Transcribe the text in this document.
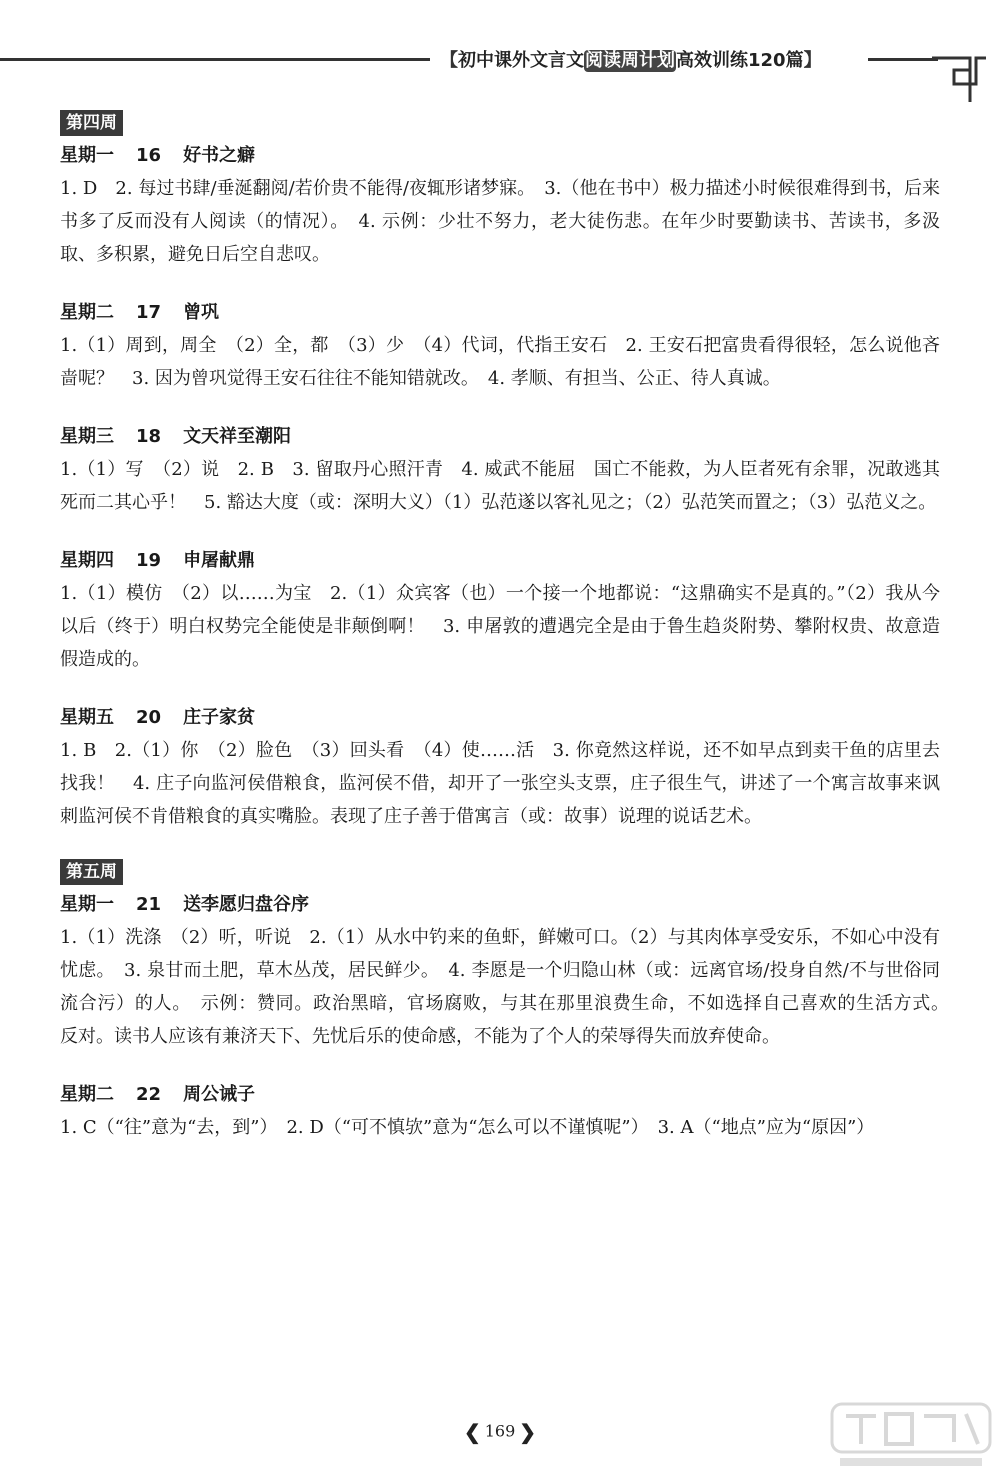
【初中课外文言文阅读周计划高效训练120篇】
第四周
星期一 16 好书之癖

1. D　2. 每过书肆/垂涎翻阅/若价贵不能得/夜辄形诸梦寐。　3.（他在书中）极力描述小时候很难得到书，后来书多了反而没有人阅读（的情况）。　4. 示例：少壮不努力，老大徒伤悲。在年少时要勤读书、苦读书，多汲取、多积累，避免日后空自悲叹。

星期二 17 曾巩

1.（1）周到，周全　（2）全，都　（3）少　（4）代词，代指王安石　2. 王安石把富贵看得很轻，怎么说他吝啬呢？　3. 因为曾巩觉得王安石往往不能知错就改。　4. 孝顺、有担当、公正、待人真诚。

星期三 18 文天祥至潮阳

1.（1）写　（2）说　2. B　3. 留取丹心照汗青　4. 威武不能屈　国亡不能救，为人臣者死有余罪，况敢逃其死而二其心乎！　5. 豁达大度（或：深明大义）（1）弘范遂以客礼见之；（2）弘范笑而置之；（3）弘范义之。

星期四 19 申屠献鼎

1.（1）模仿　（2）以……为宝　2.（1）众宾客（也）一个接一个地都说：“这鼎确实不是真的。”（2）我从今以后（终于）明白权势完全能使是非颠倒啊！　3. 申屠敦的遭遇完全是由于鲁生趋炎附势、攀附权贵、故意造假造成的。

星期五 20 庄子家贫

1. B　2.（1）你　（2）脸色　（3）回头看　（4）使……活　3. 你竟然这样说，还不如早点到卖干鱼的店里去找我！　4. 庄子向监河侯借粮食，监河侯不借，却开了一张空头支票，庄子很生气，讲述了一个寓言故事来讽刺监河侯不肯借粮食的真实嘴脸。表现了庄子善于借寓言（或：故事）说理的说话艺术。

第五周
星期一 21 送李愿归盘谷序

1.（1）洗涤　（2）听，听说　2.（1）从水中钓来的鱼虾，鲜嫩可口。（2）与其肉体享受安乐，不如心中没有忧虑。　3. 泉甘而土肥，草木丛茂，居民鲜少。　4. 李愿是一个归隐山林（或：远离官场/投身自然/不与世俗同流合污）的人。　示例：赞同。政治黑暗，官场腐败，与其在那里浪费生命，不如选择自己喜欢的生活方式。　反对。读书人应该有兼济天下、先忧后乐的使命感，不能为了个人的荣辱得失而放弃使命。

星期二 22 周公诫子

1. C（“往”意为“去，到”）　2. D（“可不慎欤”意为“怎么可以不谨慎呢”）　3. A（“地点”应为“原因”）

❮ 169 ❯
